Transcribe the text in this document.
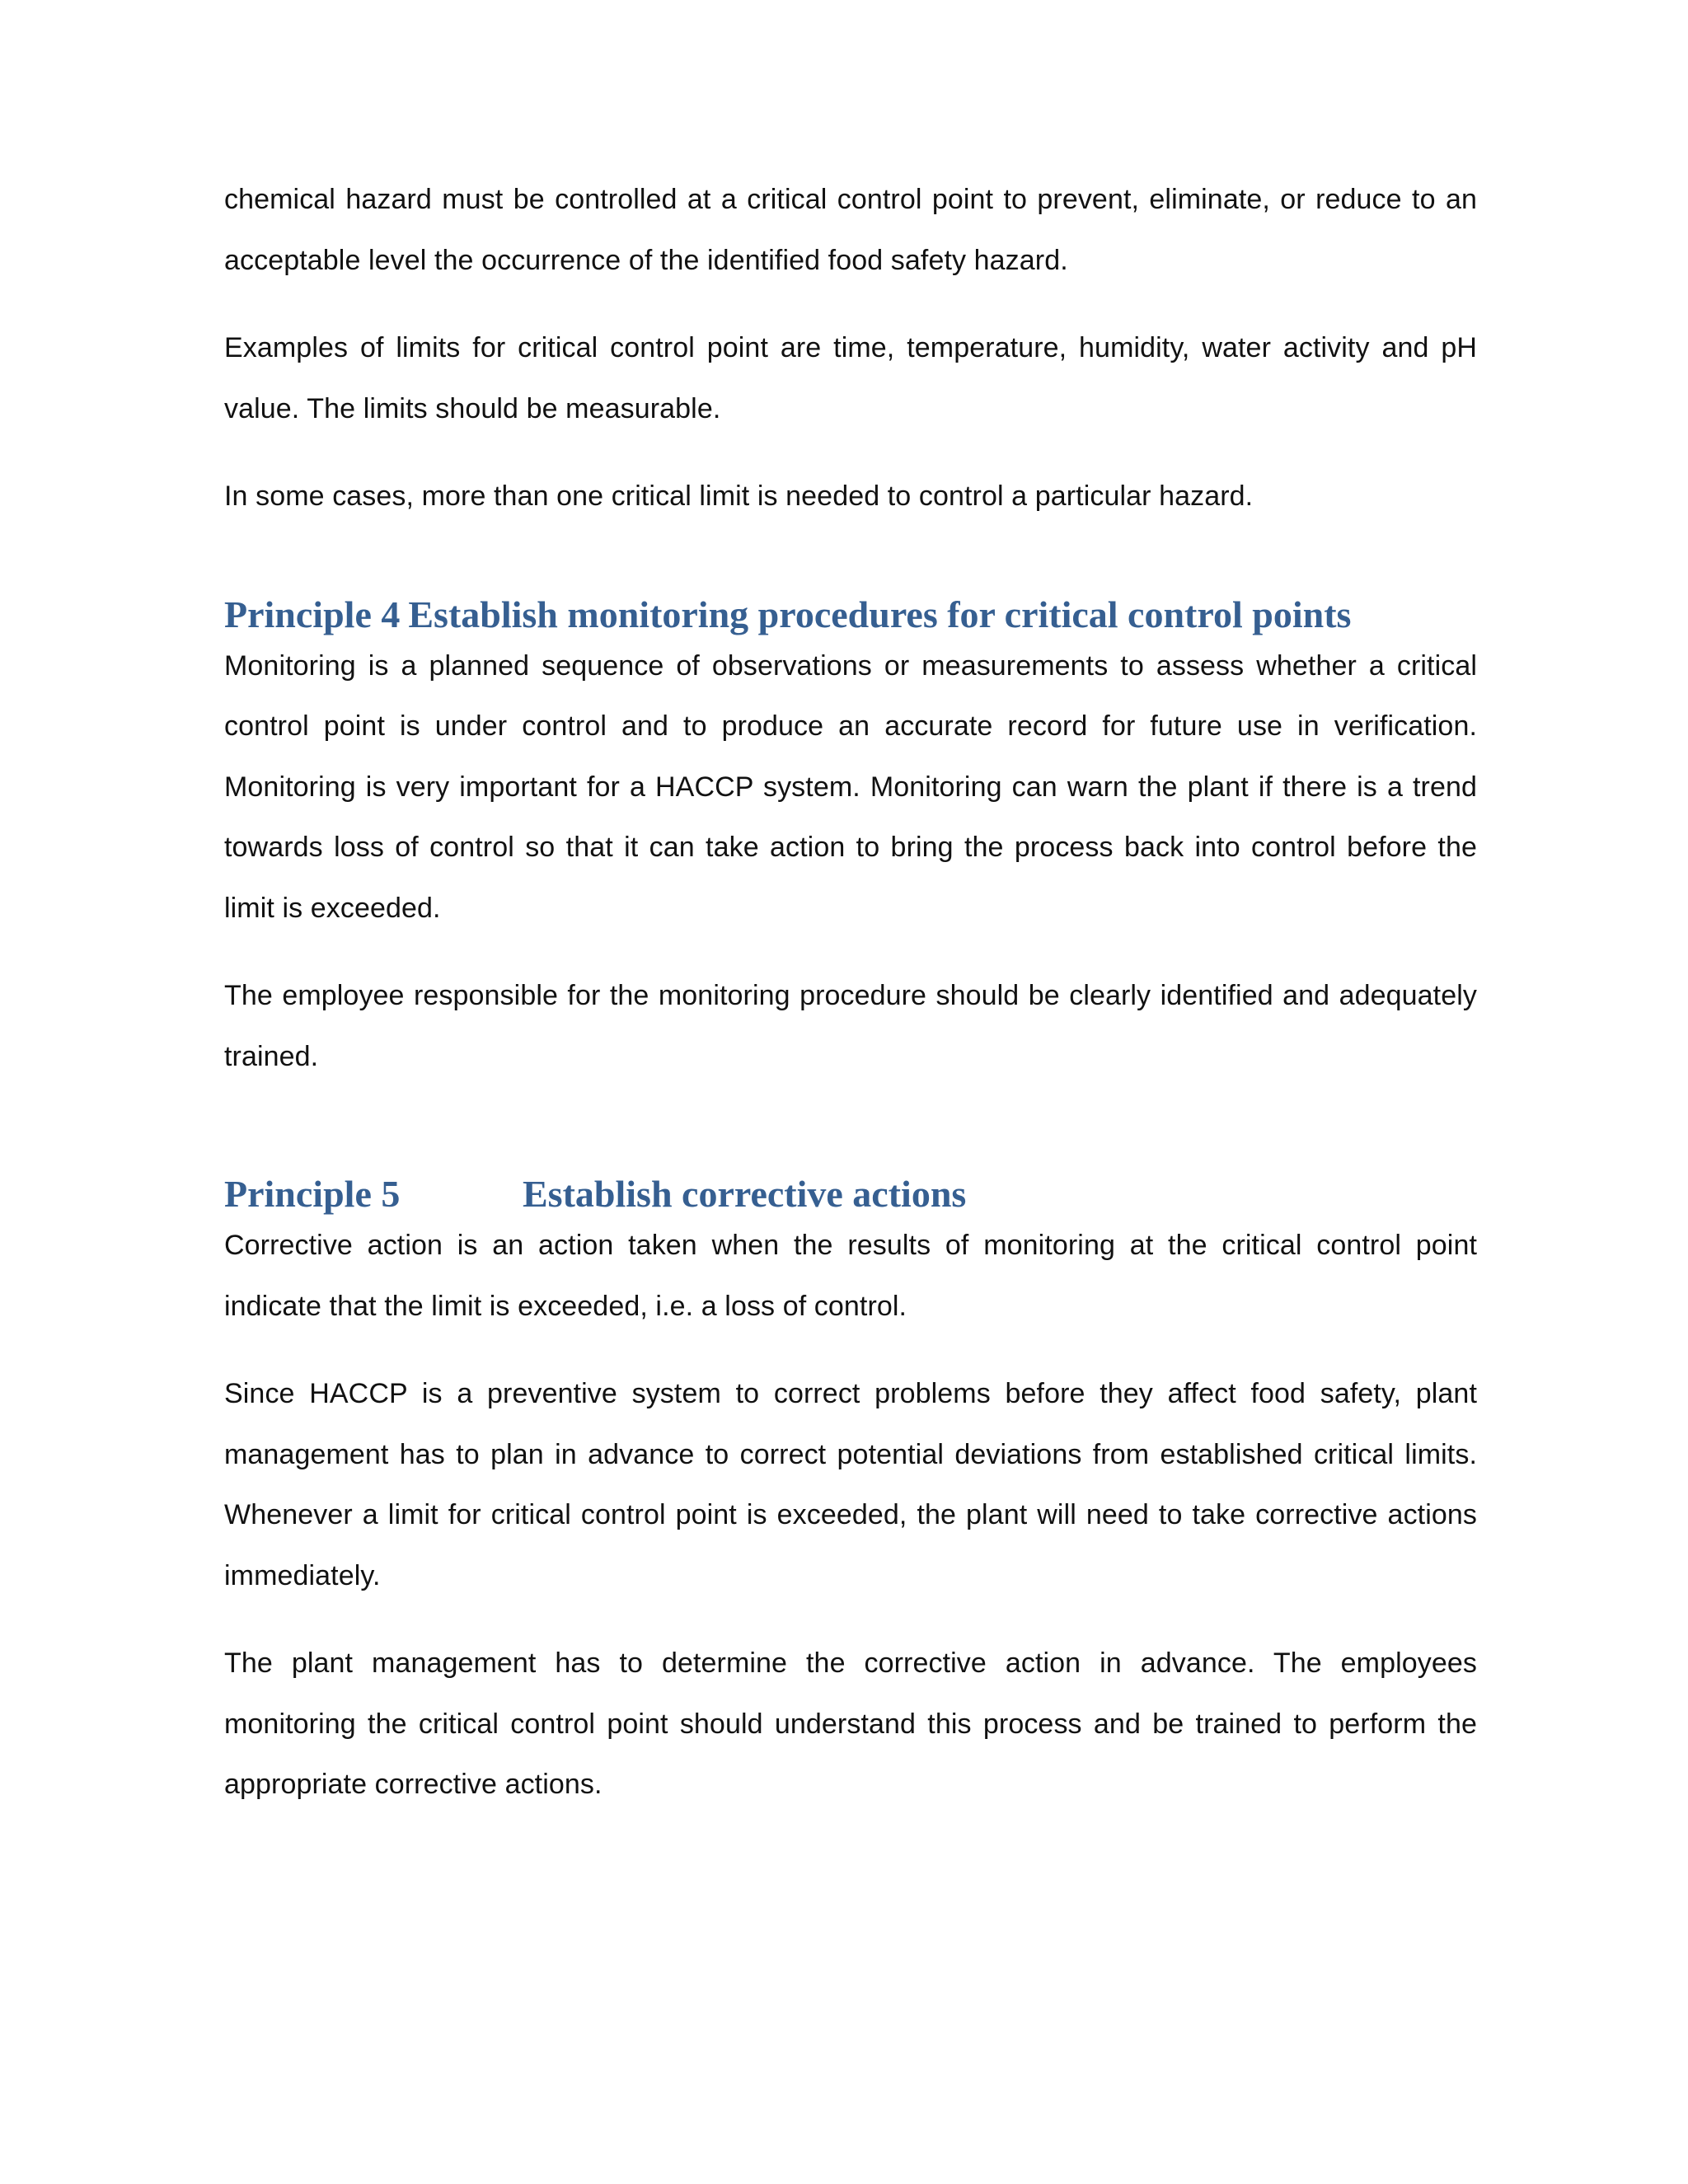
chemical hazard must be controlled at a critical control point to prevent, eliminate, or reduce to an acceptable level the occurrence of the identified food safety hazard.

Examples of limits for critical control point are time, temperature, humidity, water activity and pH value. The limits should be measurable.

In some cases, more than one critical limit is needed to control a particular hazard.

Principle 4 Establish monitoring procedures for critical control points

Monitoring is a planned sequence of observations or measurements to assess whether a critical control point is under control and to produce an accurate record for future use in verification. Monitoring is very important for a HACCP system. Monitoring can warn the plant if there is a trend towards loss of control so that it can take action to bring the process back into control before the limit is exceeded.

The employee responsible for the monitoring procedure should be clearly identified and adequately trained.

Principle 5	Establish corrective actions

Corrective action is an action taken when the results of monitoring at the critical control point indicate that the limit is exceeded, i.e. a loss of control.

Since HACCP is a preventive system to correct problems before they affect food safety, plant management has to plan in advance to correct potential deviations from established critical limits. Whenever a limit for critical control point is exceeded, the plant will need to take corrective actions immediately.

The plant management has to determine the corrective action in advance. The employees monitoring the critical control point should understand this process and be trained to perform the appropriate corrective actions.
